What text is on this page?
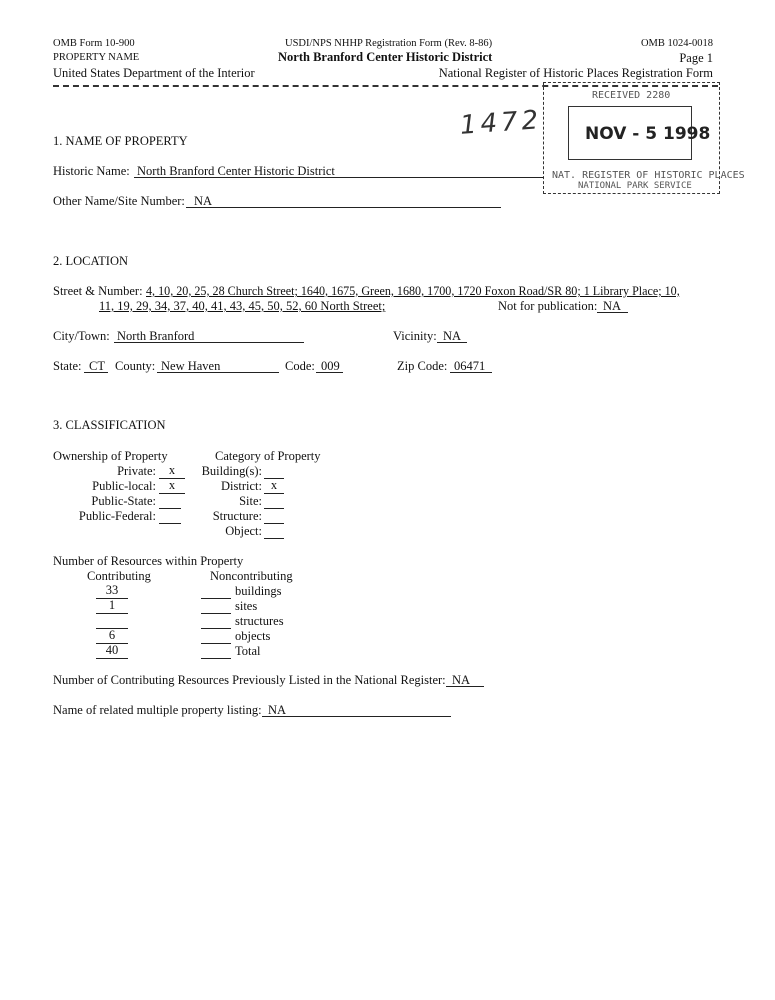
OMB Form 10-900	USDI/NPS NHHP Registration Form (Rev. 8-86)	OMB 1024-0018
PROPERTY NAME	North Branford Center Historic District	Page 1
United States Department of the Interior	National Register of Historic Places Registration Form
1472
RECEIVED 2280
NOV - 5 1998
NAT. REGISTER OF HISTORIC PLACES
NATIONAL PARK SERVICE
1. NAME OF PROPERTY
Historic Name: North Branford Center Historic District
Other Name/Site Number: NA
2. LOCATION
Street & Number: 4, 10, 20, 25, 28 Church Street; 1640, 1675, Green, 1680, 1700, 1720 Foxon Road/SR 80; 1 Library Place; 10,
11, 19, 29, 34, 37, 40, 41, 43, 45, 50, 52, 60 North Street;	Not for publication: NA
City/Town: North Branford	Vicinity: NA
State: CT County: New Haven	Code: 009	Zip Code: 06471
3. CLASSIFICATION
Ownership of Property	Category of Property
Private:	x
Public-local:	x
Public-State:
Public-Federal:
Building(s):
District: x
Site:
Structure:
Object:
Number of Resources within Property
Contributing	Noncontributing
33	buildings
1	sites
structures
6	objects
40	Total
Number of Contributing Resources Previously Listed in the National Register: NA
Name of related multiple property listing: NA
